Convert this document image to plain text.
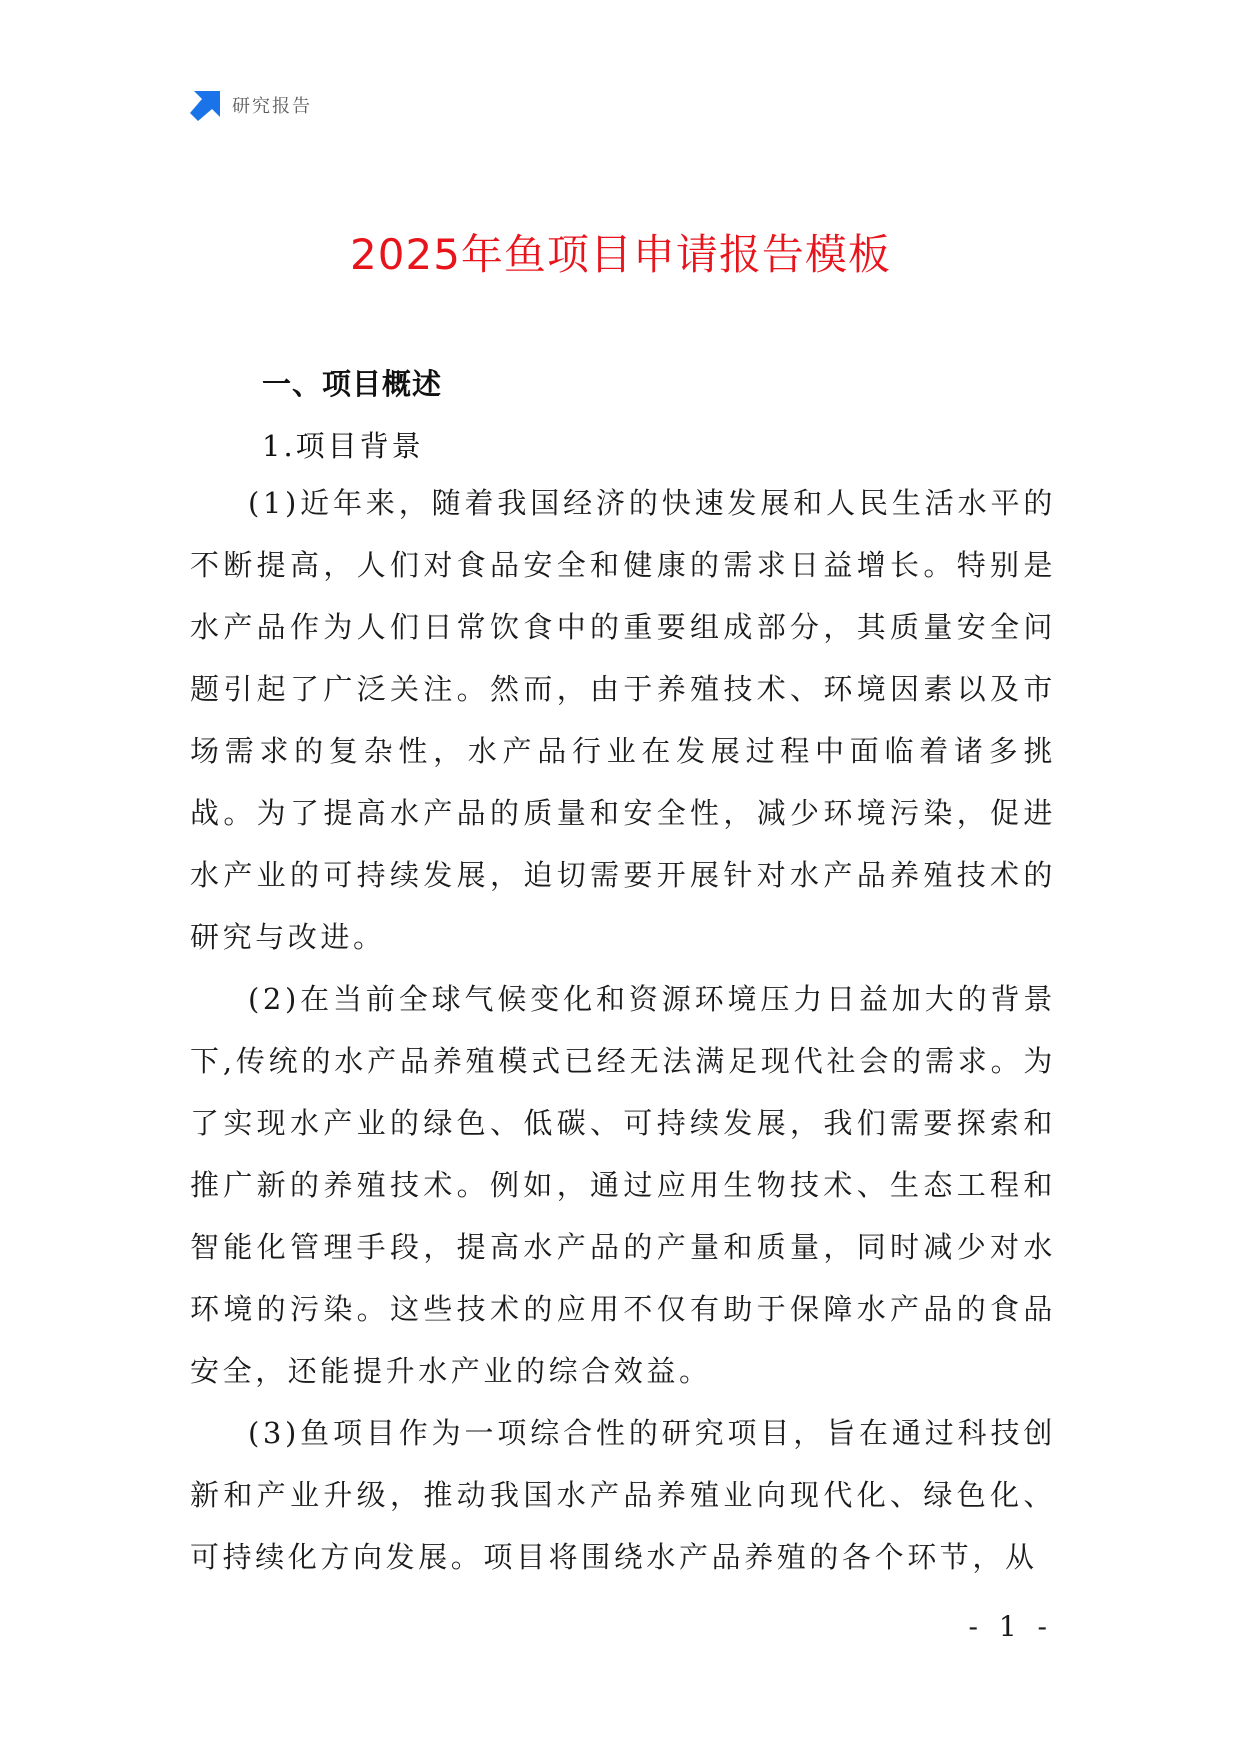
研究报告
2025年鱼项目申请报告模板
一、项目概述
1.项目背景

(1)近年来，随着我国经济的快速发展和人民生活水平的不断提高，人们对食品安全和健康的需求日益增长。特别是水产品作为人们日常饮食中的重要组成部分，其质量安全问题引起了广泛关注。然而，由于养殖技术、环境因素以及市场需求的复杂性，水产品行业在发展过程中面临着诸多挑战。为了提高水产品的质量和安全性，减少环境污染，促进水产业的可持续发展，迫切需要开展针对水产品养殖技术的研究与改进。

(2)在当前全球气候变化和资源环境压力日益加大的背景下,传统的水产品养殖模式已经无法满足现代社会的需求。为了实现水产业的绿色、低碳、可持续发展，我们需要探索和推广新的养殖技术。例如，通过应用生物技术、生态工程和智能化管理手段，提高水产品的产量和质量，同时减少对水环境的污染。这些技术的应用不仅有助于保障水产品的食品安全，还能提升水产业的综合效益。

(3)鱼项目作为一项综合性的研究项目，旨在通过科技创新和产业升级，推动我国水产品养殖业向现代化、绿色化、可持续化方向发展。项目将围绕水产品养殖的各个环节，从

- 1 -
